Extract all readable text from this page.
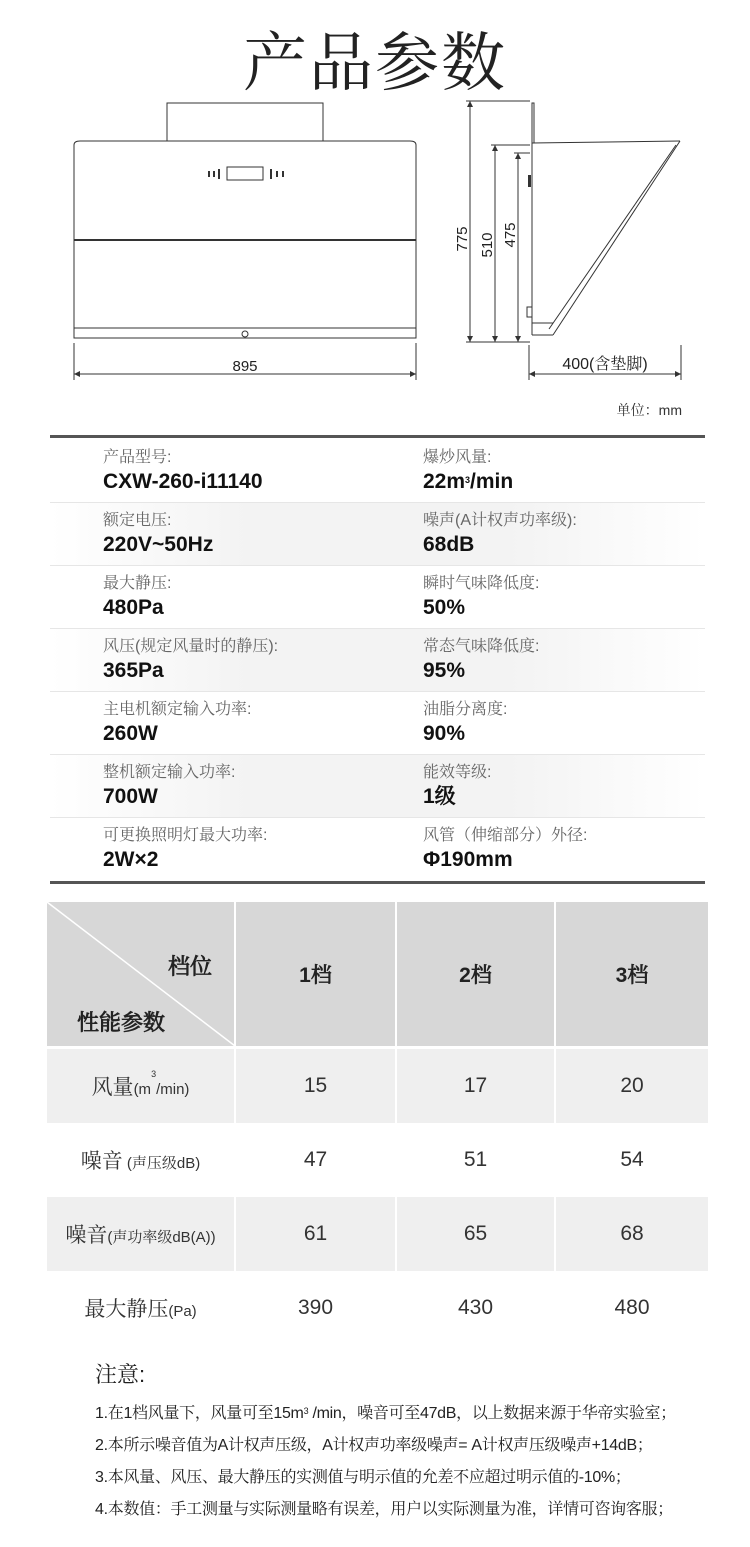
产品参数
895	400(含垫脚)
775 510 475
单位：mm
产品型号:
CXW-260-i11140
爆炒风量:
$22m^3/\min$
额定电压:
220V~50Hz
噪声(A计权声功率级):
68dB
最大静压:
480Pa
瞬时气味降低度:
50%
风压(规定风量时的静压):
365Pa
常态气味降低度:
95%
主电机额定输入功率:
260W
油脂分离度:
90%
整机额定输入功率:
700W
能效等级:
1级
可更换照明灯最大功率:
2W×2
风管（伸缩部分）外径:
Φ190mm
档位
性能参数	1档	2档	3档

风量$(m^3/\min)$	15	17	20
噪音 (声压级dB)	47	51	54
噪音(声功率级dB(A))	61	65	68
最大静压(Pa)	390	430	480
注意:
1.在1档风量下，风量可至$15m^3$ /min，噪音可至47dB，以上数据来源于华帝实验室；
2.本所示噪音值为A计权声压级，A计权声功率级噪声= A计权声压级噪声+14dB；
3.本风量、风压、最大静压的实测值与明示值的允差不应超过明示值的-10%；
4.本数值：手工测量与实际测量略有误差，用户以实际测量为准，详情可咨询客服；
